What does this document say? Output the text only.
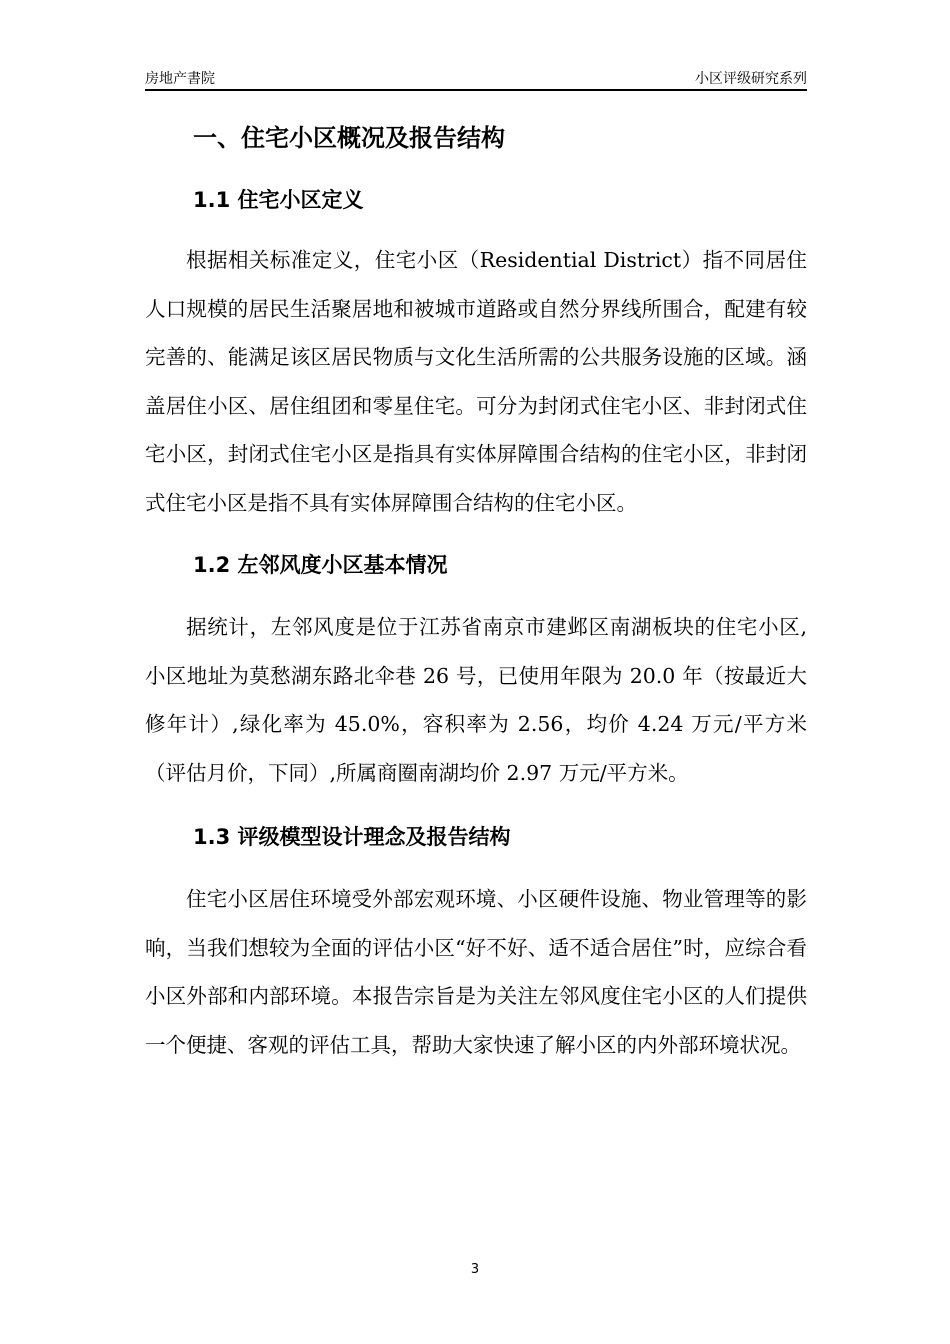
房地产書院	小区评级研究系列
一、住宅小区概况及报告结构
1.1 住宅小区定义

根据相关标准定义，住宅小区（Residential District）指不同居住人口规模的居民生活聚居地和被城市道路或自然分界线所围合，配建有较完善的、能满足该区居民物质与文化生活所需的公共服务设施的区域。涵盖居住小区、居住组团和零星住宅。可分为封闭式住宅小区、非封闭式住宅小区，封闭式住宅小区是指具有实体屏障围合结构的住宅小区，非封闭式住宅小区是指不具有实体屏障围合结构的住宅小区。

1.2 左邻风度小区基本情况

据统计，左邻风度是位于江苏省南京市建邺区南湖板块的住宅小区,小区地址为莫愁湖东路北伞巷 26 号，已使用年限为 20.0 年（按最近大修年计）,绿化率为 45.0%，容积率为 2.56，均价 4.24 万元/平方米（评估月价，下同）,所属商圈南湖均价 2.97 万元/平方米。

1.3 评级模型设计理念及报告结构

住宅小区居住环境受外部宏观环境、小区硬件设施、物业管理等的影响，当我们想较为全面的评估小区“好不好、适不适合居住”时，应综合看小区外部和内部环境。本报告宗旨是为关注左邻风度住宅小区的人们提供一个便捷、客观的评估工具，帮助大家快速了解小区的内外部环境状况。

3
